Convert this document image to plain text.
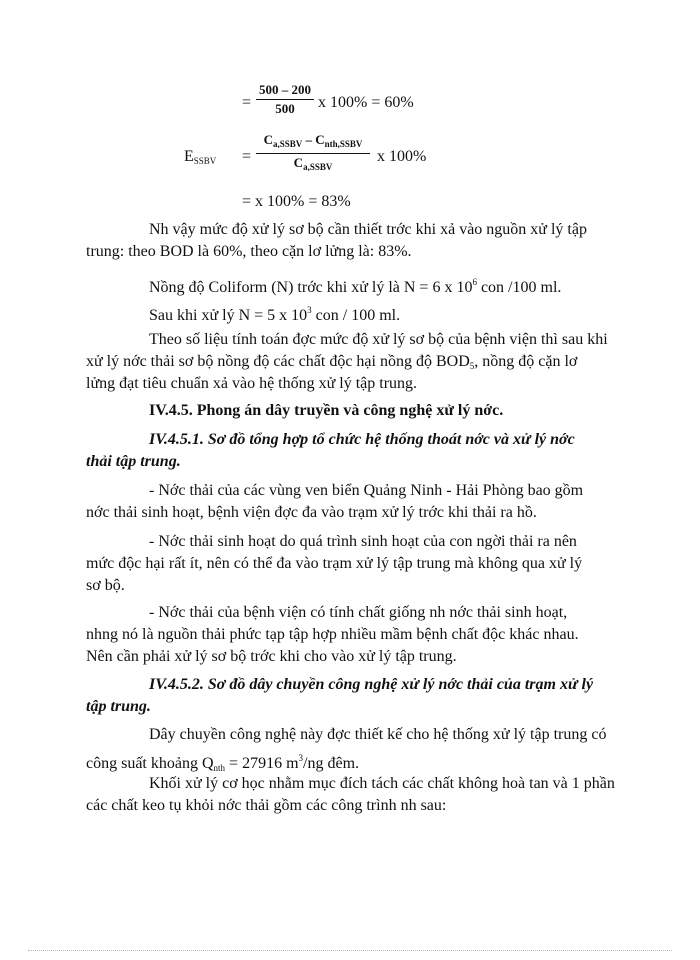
=
500 – 200
500	x 100% = 60%
$E_{SSBV}$ =
$C_{a,SSBV} - C_{nth,SSBV}$
$C_{a,SSBV}$
x 100%
= x 100% = 83%
Nh vậy mức độ xử lý sơ bộ cần thiết trớc khi xả vào nguồn xử lý tập
trung: theo BOD là 60%, theo cặn lơ lửng là: 83%.
Nồng độ Coliform (N) trớc khi xử lý là N = 6 x $10^6$ con /100 ml.
Sau khi xử lý N = 5 x $10^3$ con / 100 ml.
Theo số liệu tính toán đợc mức độ xử lý sơ bộ của bệnh viện thì sau khi
xử lý nớc thải sơ bộ nồng độ các chất độc hại nồng độ $BOD_5$, nồng độ cặn lơ
lửng đạt tiêu chuẩn xả vào hệ thống xử lý tập trung.
IV.4.5. Phong án dây truyền và công nghệ xử lý nớc.
IV.4.5.1. Sơ đồ tổng hợp tổ chức hệ thống thoát nớc và xử lý nớc
thải tập trung.
- Nớc thải của các vùng ven biển Quảng Ninh - Hải Phòng bao gồm
nớc thải sinh hoạt, bệnh viện đợc đa vào trạm xử lý trớc khi thải ra hồ.
- Nớc thải sinh hoạt do quá trình sinh hoạt của con ngời thải ra nên
mức độc hại rất ít, nên có thể đa vào trạm xử lý tập trung mà không qua xử lý
sơ bộ.
- Nớc thải của bệnh viện có tính chất giống nh nớc thải sinh hoạt,
nhng nó là nguồn thải phức tạp tập hợp nhiều mầm bệnh chất độc khác nhau.
Nên cần phải xử lý sơ bộ trớc khi cho vào xử lý tập trung.
IV.4.5.2. Sơ đồ dây chuyền công nghệ xử lý nớc thải của trạm xử lý
tập trung.
Dây chuyền công nghệ này đợc thiết kế cho hệ thống xử lý tập trung có
công suất khoảng $Q_{nth} = 27916$ $m^3/ng$ đêm.
Khối xử lý cơ học nhằm mục đích tách các chất không hoà tan và 1 phần
các chất keo tụ khỏi nớc thải gồm các công trình nh sau:
